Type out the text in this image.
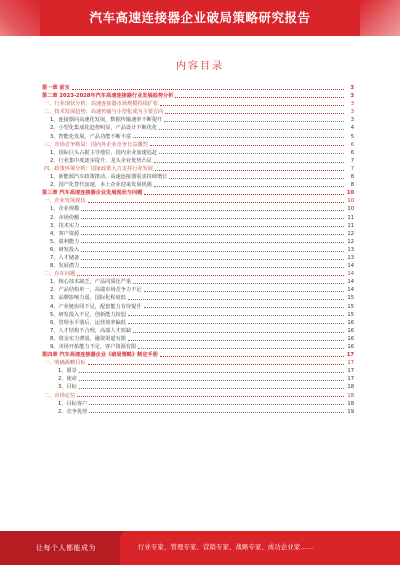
汽车高速连接器企业破局策略研究报告
内容目录
第一章 前言	3
第二章 2023-2028年汽车高速连接器行业发展趋势分析	3
一、行业现状分析：高速连接器市场规模持续扩张	3
二、技术发展趋势：高速传输与小型化成为主要方向	3
1、连接器向高速化发展，数据传输速率不断提升	3
2、小型化集成化趋势明显，产品设计不断优化	4
3、智能化发展，产品功能不断丰富	5
三、市场竞争格局：国内外企业竞争日益激烈	6
1、国际巨头占据主导地位，国内企业加速追赶	6
2、行业集中度逐步提升，龙头企业优势凸显	7
四、政策环境分析：国家政策大力支持行业发展	7
1、新能源汽车政策推动，高速连接器需求持续增长	8
2、国产化替代加速，本土企业迎来发展机遇	8
第三章 汽车高速连接器企业发展现状与问题	10
一、企业发展现状	10
1、企业规模	10
2、市场份额	11
3、技术实力	11
4、客户资源	12
5、盈利能力	12
6、研发投入	13
7、人才储备	13
8、发展潜力	14
二、存在问题	14
1、核心技术缺乏，产品同质化严重	14
2、产品结构单一，高端市场竞争力不足	14
3、品牌影响力弱，国际化程度低	15
4、产业链协同不足，配套能力有待提升	15
5、研发投入不足，创新能力较弱	15
6、管理水平落后，运营效率偏低	16
7、人才结构不合理，高端人才短缺	16
8、资金实力薄弱，融资渠道有限	16
9、市场开拓能力不足，客户资源有限	16
第四章 汽车高速连接器企业《破局策略》制定手册	17
一、明确战略目标	17
1、愿景	17
2、使命	17
3、目标	18
二、市场定位	18
1、目标客户	18
2、竞争优势	19
让每个人都能成为	行业专家、管理专家、营销专家、战略专家、成功企业家……
